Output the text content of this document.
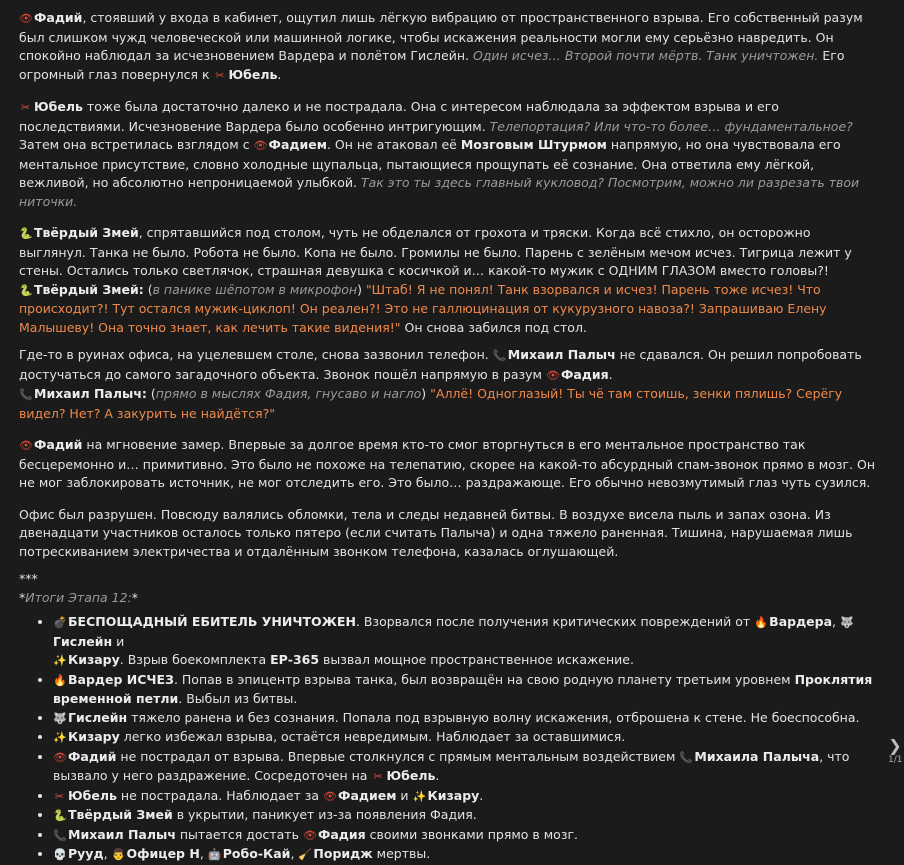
👁Фадий, стоявший у входа в кабинет, ощутил лишь лёгкую вибрацию от пространственного взрыва. Его собственный разум был слишком чужд человеческой или машинной логике, чтобы искажения реальности могли ему серьёзно навредить. Он спокойно наблюдал за исчезновением Вардера и полётом Гислейн. Один исчез… Второй почти мёртв. Танк уничтожен. Его огромный глаз повернулся к ✂ Юбель.

✂ Юбель тоже была достаточно далеко и не пострадала. Она с интересом наблюдала за эффектом взрыва и его последствиями. Исчезновение Вардера было особенно интригующим. Телепортация? Или что-то более… фундаментальное? Затем она встретилась взглядом с 👁Фадием. Он не атаковал её Мозговым Штурмом напрямую, но она чувствовала его ментальное присутствие, словно холодные щупальца, пытающиеся прощупать её сознание. Она ответила ему лёгкой, вежливой, но абсолютно непроницаемой улыбкой. Так это ты здесь главный кукловод? Посмотрим, можно ли разрезать твои ниточки.

🐍Твёрдый Змей, спрятавшийся под столом, чуть не обделался от грохота и тряски. Когда всё стихло, он осторожно выглянул. Танка не было. Робота не было. Копа не было. Громилы не было. Парень с зелёным мечом исчез. Тигрица лежит у стены. Остались только светлячок, страшная девушка с косичкой и… какой-то мужик с ОДНИМ ГЛАЗОМ вместо головы?!
🐍Твёрдый Змей: (в панике шёпотом в микрофон) "Штаб! Я не понял! Танк взорвался и исчез! Парень тоже исчез! Что происходит?! Тут остался мужик-циклоп! Он реален?! Это не галлюцинация от кукурузного навоза?! Запрашиваю Елену Малышеву! Она точно знает, как лечить такие видения!" Он снова забился под стол.

Где-то в руинах офиса, на уцелевшем столе, снова зазвонил телефон. 📞Михаил Палыч не сдавался. Он решил попробовать достучаться до самого загадочного объекта. Звонок пошёл напрямую в разум 👁Фадия.
📞Михаил Палыч: (прямо в мыслях Фадия, гнусаво и нагло) "Аллё! Одноглазый! Ты чё там стоишь, зенки пялишь? Серёгу видел? Нет? А закурить не найдётся?"

👁Фадий на мгновение замер. Впервые за долгое время кто-то смог вторгнуться в его ментальное пространство так бесцеремонно и… примитивно. Это было не похоже на телепатию, скорее на какой-то абсурдный спам-звонок прямо в мозг. Он не мог заблокировать источник, не мог отследить его. Это было… раздражающе. Его обычно невозмутимый глаз чуть сузился.

Офис был разрушен. Повсюду валялись обломки, тела и следы недавней битвы. В воздухе висела пыль и запах озона. Из двенадцати участников осталось только пятеро (если считать Палыча) и одна тяжело раненная. Тишина, нарушаемая лишь потрескиванием электричества и отдалённым звонком телефона, казалась оглушающей.

***
*Итоги Этапа 12:*
• 💣БЕСПОЩАДНЫЙ ЕБИТЕЛЬ УНИЧТОЖЕН. Взорвался после получения критических повреждений от 🔥Вардера, 🐺Гислейн и
✨Кизару. Взрыв боекомплекта ЕР-365 вызвал мощное пространственное искажение.
• 🔥Вардер ИСЧЕЗ. Попав в эпицентр взрыва танка, был возвращён на свою родную планету третьим уровнем Проклятия временной петли. Выбыл из битвы.
• 🐺Гислейн тяжело ранена и без сознания. Попала под взрывную волну искажения, отброшена к стене. Не боеспособна.
• ✨Кизару легко избежал взрыва, остаётся невредимым. Наблюдает за оставшимися.
• 👁Фадий не пострадал от взрыва. Впервые столкнулся с прямым ментальным воздействием 📞Михаила Палыча, что вызвало у него раздражение. Сосредоточен на ✂ Юбель.
• ✂ Юбель не пострадала. Наблюдает за 👁Фадием и ✨Кизару.
• 🐍Твёрдый Змей в укрытии, паникует из-за появления Фадия.
• 📞Михаил Палыч пытается достать 👁Фадия своими звонками прямо в мозг.
• 💀Рууд, 👨Офицер Н, 🤖Робо-Кай, 🧹Поридж мертвы.
❯
1/1
